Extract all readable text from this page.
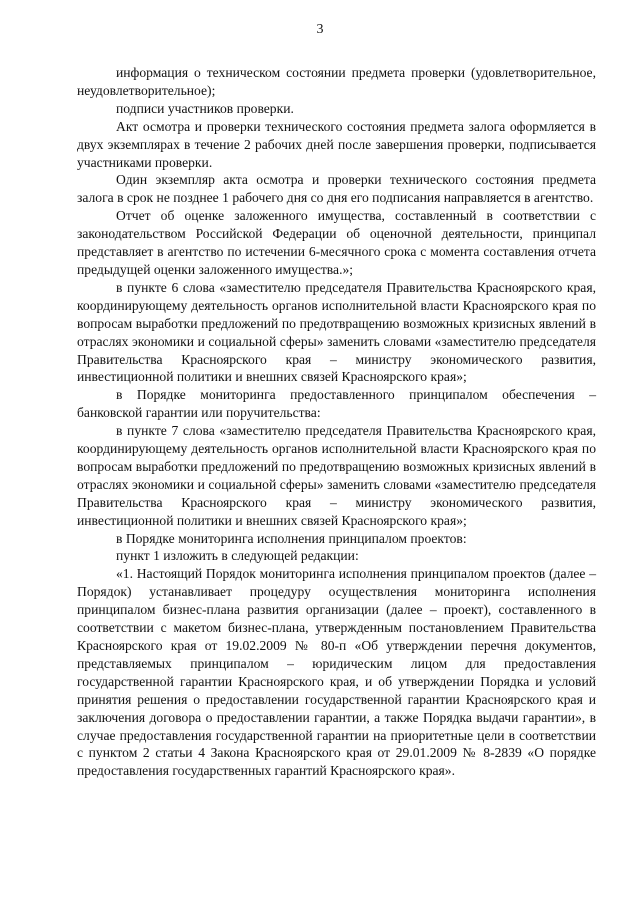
3

информация о техническом состоянии предмета проверки (удовлетворительное, неудовлетворительное);

подписи участников проверки.

Акт осмотра и проверки технического состояния предмета залога оформляется в двух экземплярах в течение 2 рабочих дней после завершения проверки, подписывается участниками проверки.

Один экземпляр акта осмотра и проверки технического состояния предмета залога в срок не позднее 1 рабочего дня со дня его подписания направляется в агентство.

Отчет об оценке заложенного имущества, составленный в соответствии с законодательством Российской Федерации об оценочной деятельности, принципал представляет в агентство по истечении 6-месячного срока с момента составления отчета предыдущей оценки заложенного имущества.»;

в пункте 6 слова «заместителю председателя Правительства Красноярского края, координирующему деятельность органов исполнительной власти Красноярского края по вопросам выработки предложений по предотвращению возможных кризисных явлений в отраслях экономики и социальной сферы» заменить словами «заместителю председателя Правительства Красноярского края – министру экономического развития, инвестиционной политики и внешних связей Красноярского края»;

в Порядке мониторинга предоставленного принципалом обеспечения – банковской гарантии или поручительства:

в пункте 7 слова «заместителю председателя Правительства Красноярского края, координирующему деятельность органов исполнительной власти Красноярского края по вопросам выработки предложений по предотвращению возможных кризисных явлений в отраслях экономики и социальной сферы» заменить словами «заместителю председателя Правительства Красноярского края – министру экономического развития, инвестиционной политики и внешних связей Красноярского края»;

в Порядке мониторинга исполнения принципалом проектов:

пункт 1 изложить в следующей редакции:

«1. Настоящий Порядок мониторинга исполнения принципалом проектов (далее – Порядок) устанавливает процедуру осуществления мониторинга исполнения принципалом бизнес-плана развития организации (далее – проект), составленного в соответствии с макетом бизнес-плана, утвержденным постановлением Правительства Красноярского края от 19.02.2009 № 80-п «Об утверждении перечня документов, представляемых принципалом – юридическим лицом для предоставления государственной гарантии Красноярского края, и об утверждении Порядка и условий принятия решения о предоставлении государственной гарантии Красноярского края и заключения договора о предоставлении гарантии, а также Порядка выдачи гарантии», в случае предоставления государственной гарантии на приоритетные цели в соответствии с пунктом 2 статьи 4 Закона Красноярского края от 29.01.2009 № 8-2839 «О порядке предоставления государственных гарантий Красноярского края».
